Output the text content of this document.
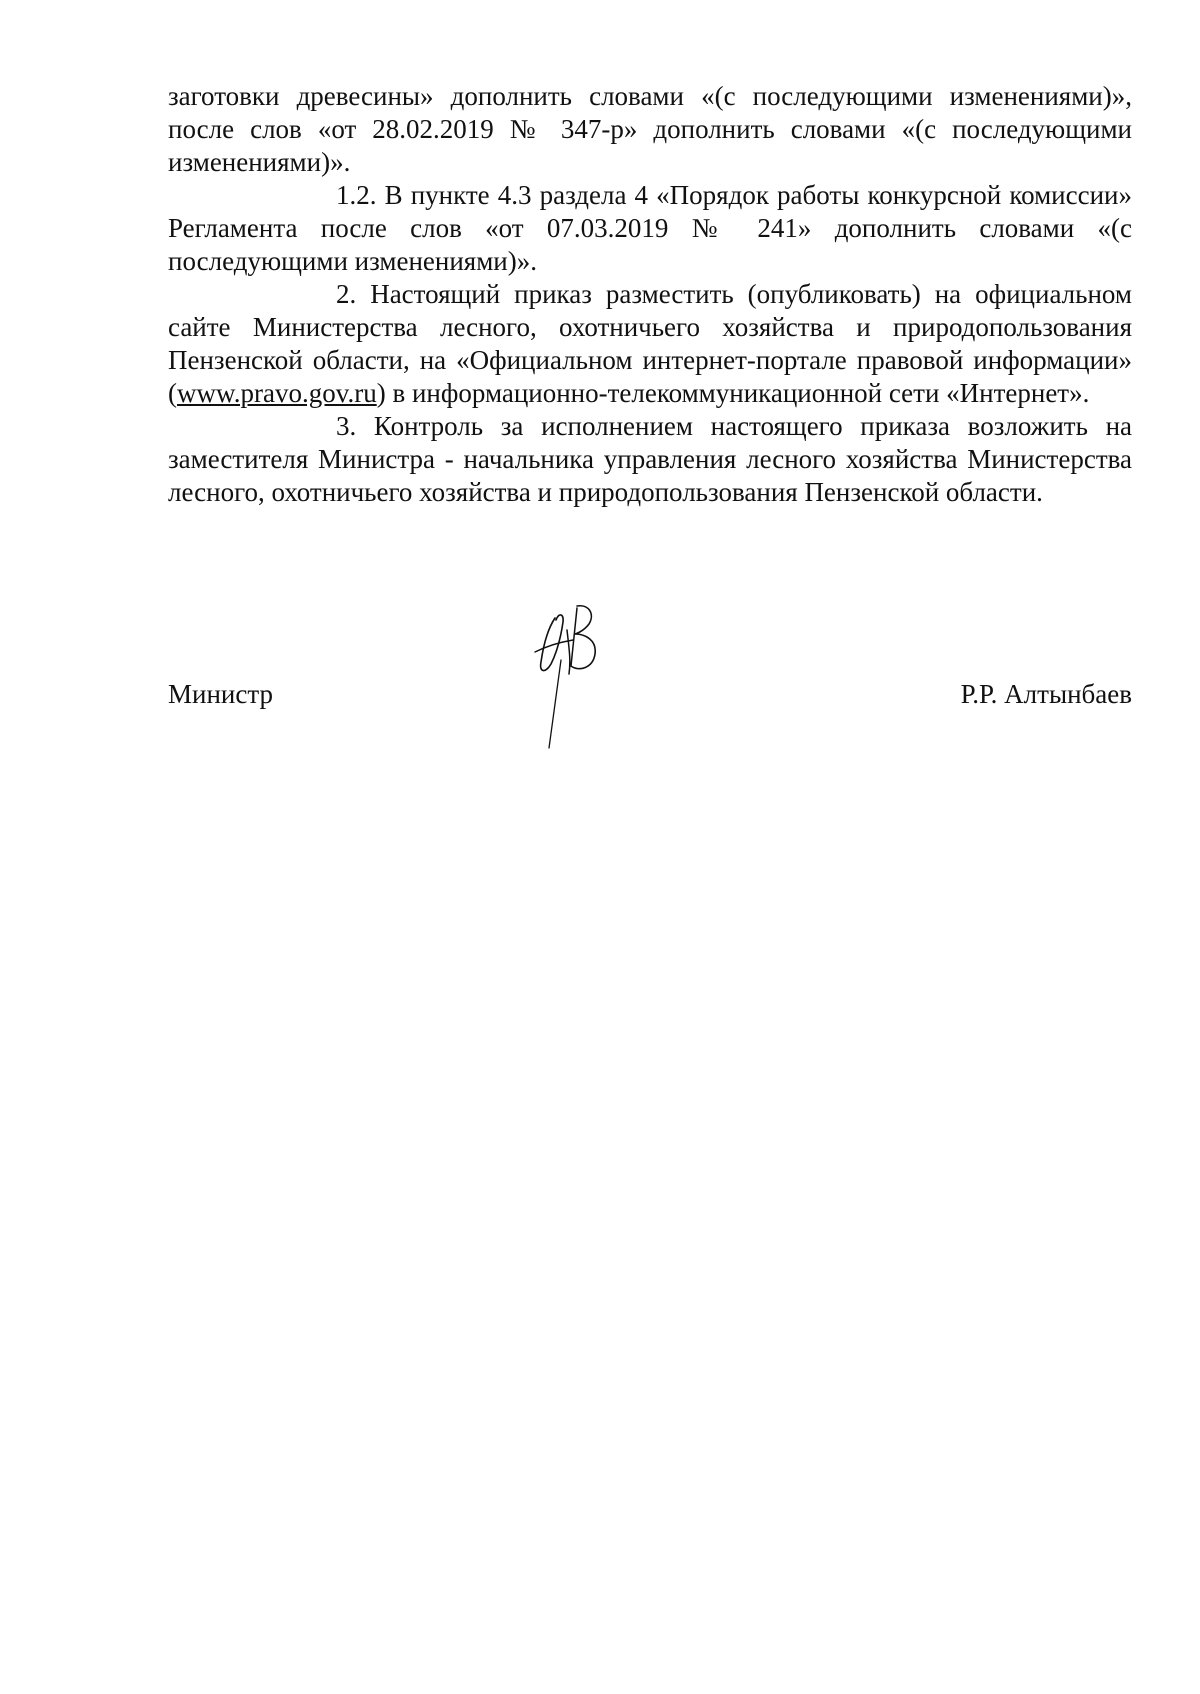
заготовки древесины» дополнить словами «(с последующими изменениями)», после слов «от 28.02.2019 № 347-р» дополнить словами «(с последующими изменениями)».

1.2. В пункте 4.3 раздела 4 «Порядок работы конкурсной комиссии» Регламента после слов «от 07.03.2019 № 241» дополнить словами «(с последующими изменениями)».

2. Настоящий приказ разместить (опубликовать) на официальном сайте Министерства лесного, охотничьего хозяйства и природопользования Пензенской области, на «Официальном интернет-портале правовой информации» (www.pravo.gov.ru) в информационно-телекоммуникационной сети «Интернет».

3. Контроль за исполнением настоящего приказа возложить на заместителя Министра - начальника управления лесного хозяйства Министерства лесного, охотничьего хозяйства и природопользования Пензенской области.

Министр	Р.Р. Алтынбаев
